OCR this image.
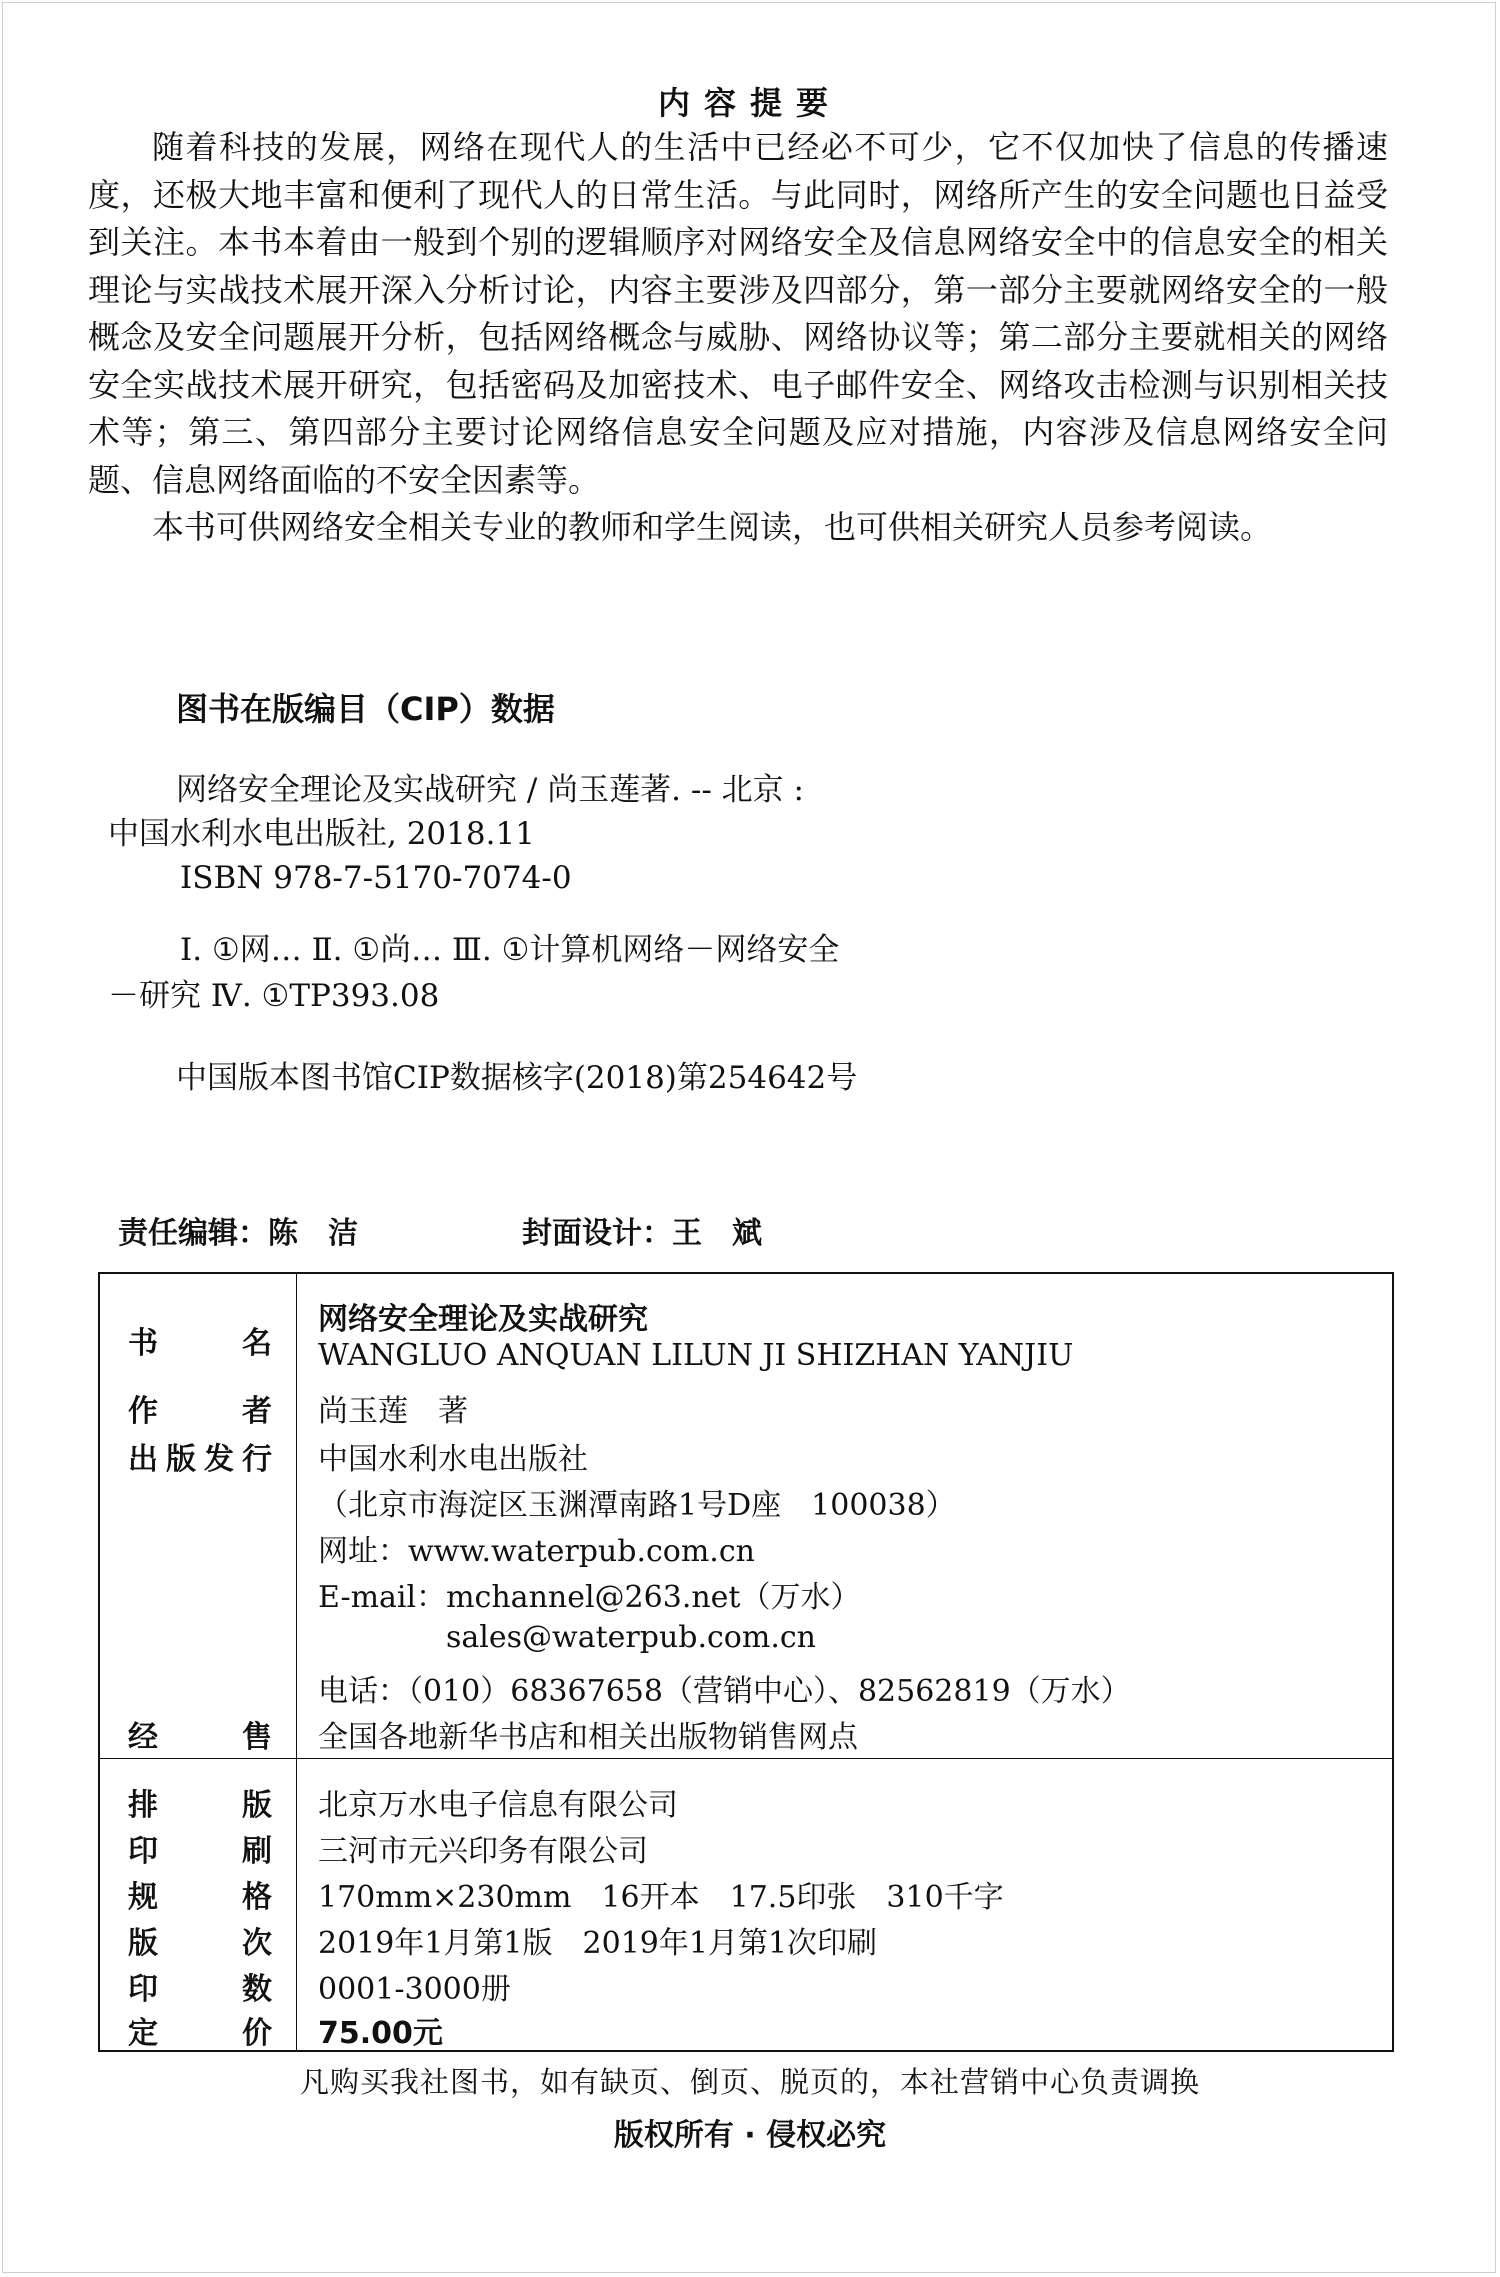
内容提要

随着科技的发展，网络在现代人的生活中已经必不可少，它不仅加快了信息的传播速度，还极大地丰富和便利了现代人的日常生活。与此同时，网络所产生的安全问题也日益受到关注。本书本着由一般到个别的逻辑顺序对网络安全及信息网络安全中的信息安全的相关理论与实战技术展开深入分析讨论，内容主要涉及四部分，第一部分主要就网络安全的一般概念及安全问题展开分析，包括网络概念与威胁、网络协议等；第二部分主要就相关的网络安全实战技术展开研究，包括密码及加密技术、电子邮件安全、网络攻击检测与识别相关技术等；第三、第四部分主要讨论网络信息安全问题及应对措施，内容涉及信息网络安全问题、信息网络面临的不安全因素等。

本书可供网络安全相关专业的教师和学生阅读，也可供相关研究人员参考阅读。

图书在版编目（CIP）数据
网络安全理论及实战研究 / 尚玉莲著. -- 北京 :
中国水利水电出版社, 2018.11
ISBN 978-7-5170-7074-0
Ⅰ. ①网… Ⅱ. ①尚… Ⅲ. ①计算机网络－网络安全
－研究 Ⅳ. ①TP393.08
中国版本图书馆CIP数据核字(2018)第254642号
责任编辑：陈　洁	封面设计：王　斌
书名
网络安全理论及实战研究
WANGLUO ANQUAN LILUN JI SHIZHAN YANJIU
作者 尚玉莲　著
出版发行 中国水利水电出版社
（北京市海淀区玉渊潭南路1号D座　100038）
网址：www.waterpub.com.cn
E-mail：mchannel@263.net（万水）
sales@waterpub.com.cn
电话：（010）68367658（营销中心）、82562819（万水）
经售 全国各地新华书店和相关出版物销售网点
排版 北京万水电子信息有限公司
印刷 三河市元兴印务有限公司
规格 170mm×230mm　16开本　17.5印张　310千字
版次 2019年1月第1版　2019年1月第1次印刷
印数 0001-3000册
定价 75.00元
凡购买我社图书，如有缺页、倒页、脱页的，本社营销中心负责调换
版权所有 · 侵权必究
